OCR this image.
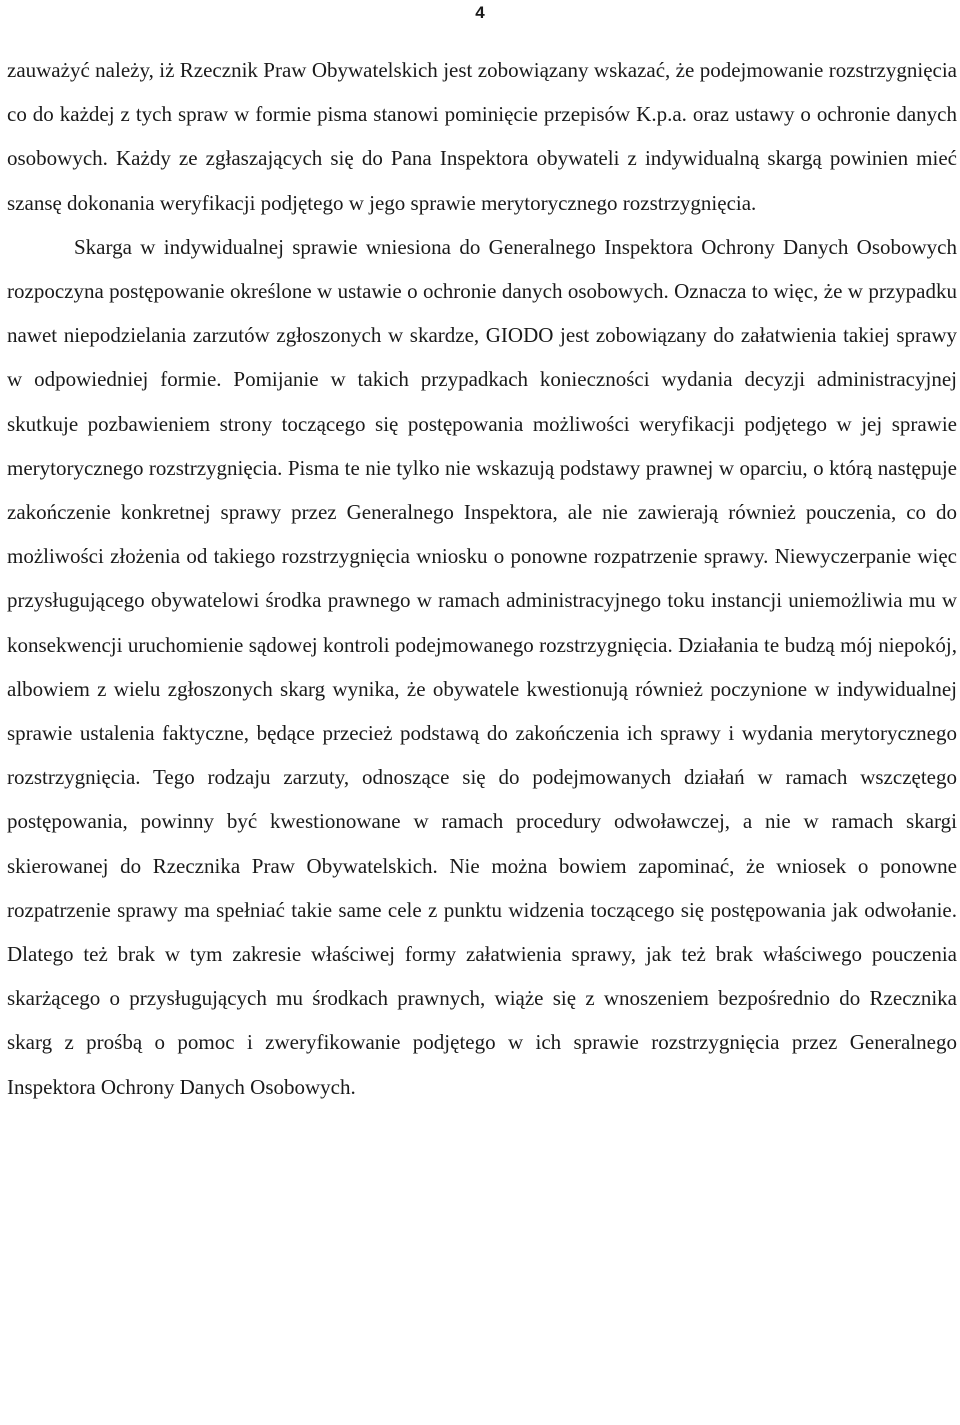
4

zauważyć należy, iż Rzecznik Praw Obywatelskich jest zobowiązany wskazać, że podejmowanie rozstrzygnięcia co do każdej z tych spraw w formie pisma stanowi pominięcie przepisów K.p.a. oraz ustawy o ochronie danych osobowych. Każdy ze zgłaszających się do Pana Inspektora obywateli z indywidualną skargą powinien mieć szansę dokonania weryfikacji podjętego w jego sprawie merytorycznego rozstrzygnięcia.

Skarga w indywidualnej sprawie wniesiona do Generalnego Inspektora Ochrony Danych Osobowych rozpoczyna postępowanie określone w ustawie o ochronie danych osobowych. Oznacza to więc, że w przypadku nawet niepodzielania zarzutów zgłoszonych w skardze, GIODO jest zobowiązany do załatwienia takiej sprawy w odpowiedniej formie. Pomijanie w takich przypadkach konieczności wydania decyzji administracyjnej skutkuje pozbawieniem strony toczącego się postępowania możliwości weryfikacji podjętego w jej sprawie merytorycznego rozstrzygnięcia. Pisma te nie tylko nie wskazują podstawy prawnej w oparciu, o którą następuje zakończenie konkretnej sprawy przez Generalnego Inspektora, ale nie zawierają również pouczenia, co do możliwości złożenia od takiego rozstrzygnięcia wniosku o ponowne rozpatrzenie sprawy. Niewyczerpanie więc przysługującego obywatelowi środka prawnego w ramach administracyjnego toku instancji uniemożliwia mu w konsekwencji uruchomienie sądowej kontroli podejmowanego rozstrzygnięcia. Działania te budzą mój niepokój, albowiem z wielu zgłoszonych skarg wynika, że obywatele kwestionują również poczynione w indywidualnej sprawie ustalenia faktyczne, będące przecież podstawą do zakończenia ich sprawy i wydania merytorycznego rozstrzygnięcia. Tego rodzaju zarzuty, odnoszące się do podejmowanych działań w ramach wszczętego postępowania, powinny być kwestionowane w ramach procedury odwoławczej, a nie w ramach skargi skierowanej do Rzecznika Praw Obywatelskich. Nie można bowiem zapominać, że wniosek o ponowne rozpatrzenie sprawy ma spełniać takie same cele z punktu widzenia toczącego się postępowania jak odwołanie. Dlatego też brak w tym zakresie właściwej formy załatwienia sprawy, jak też brak właściwego pouczenia skarżącego o przysługujących mu środkach prawnych, wiąże się z wnoszeniem bezpośrednio do Rzecznika skarg z prośbą o pomoc i zweryfikowanie podjętego w ich sprawie rozstrzygnięcia przez Generalnego Inspektora Ochrony Danych Osobowych.
